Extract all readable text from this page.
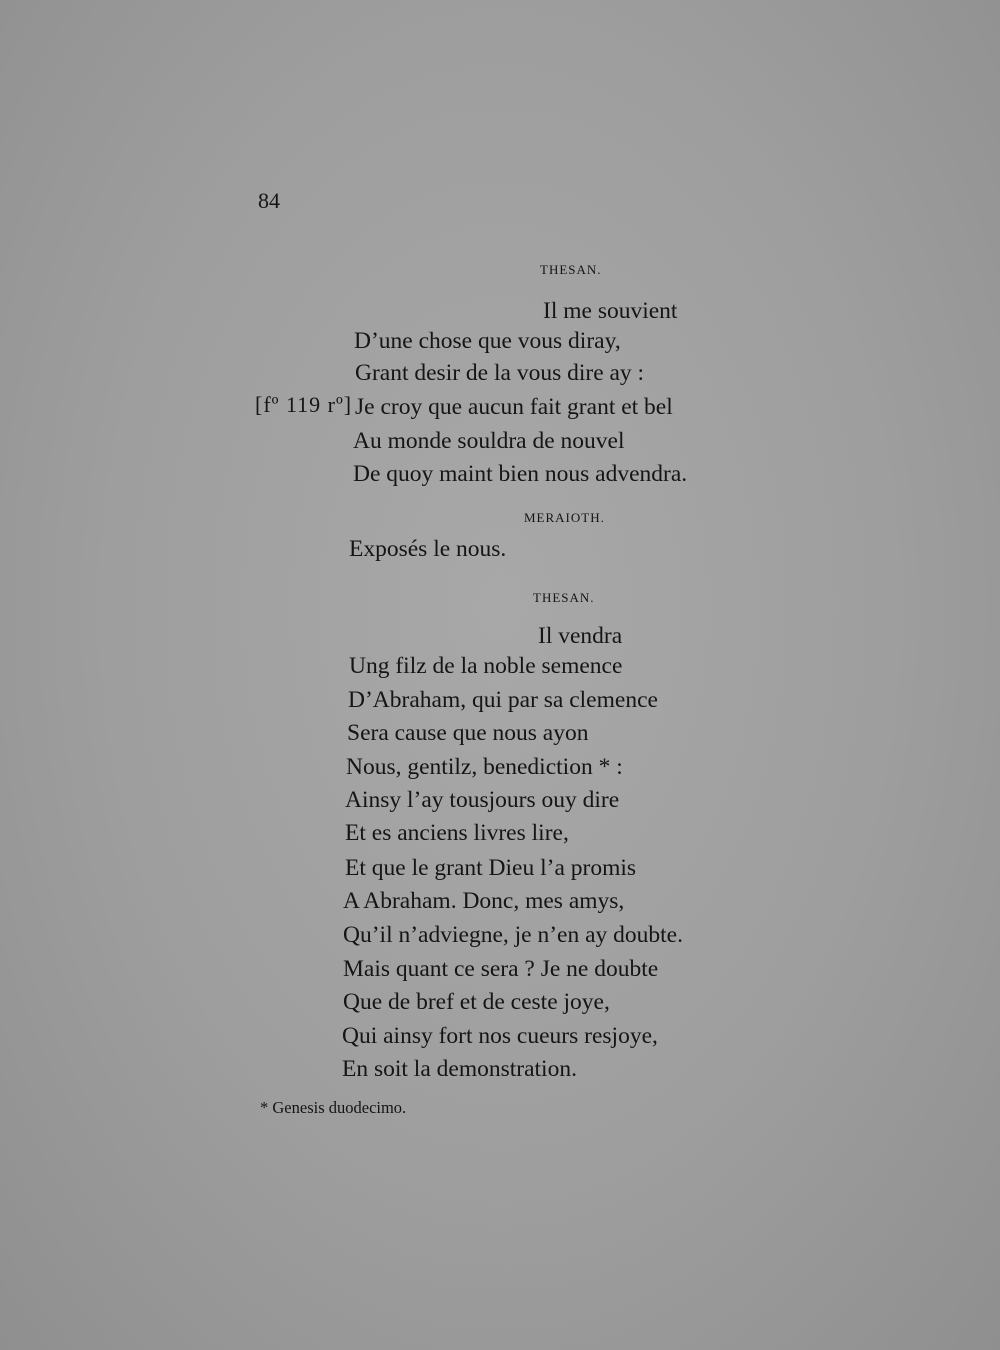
84
THESAN.
Il me souvient
D’une chose que vous diray,
Grant desir de la vous dire ay :
[fº 119 rº] Je croy que aucun fait grant et bel
Au monde souldra de nouvel
De quoy maint bien nous advendra.
MERAIOTH.
Exposés le nous.
THESAN.
Il vendra
Ung filz de la noble semence
D’Abraham, qui par sa clemence
Sera cause que nous ayon
Nous, gentilz, benediction * :
Ainsy l’ay tousjours ouy dire
Et es anciens livres lire,
Et que le grant Dieu l’a promis
A Abraham. Donc, mes amys,
Qu’il n’adviegne, je n’en ay doubte.
Mais quant ce sera ? Je ne doubte
Que de bref et de ceste joye,
Qui ainsy fort nos cueurs resjoye,
En soit la demonstration.
* Genesis duodecimo.
